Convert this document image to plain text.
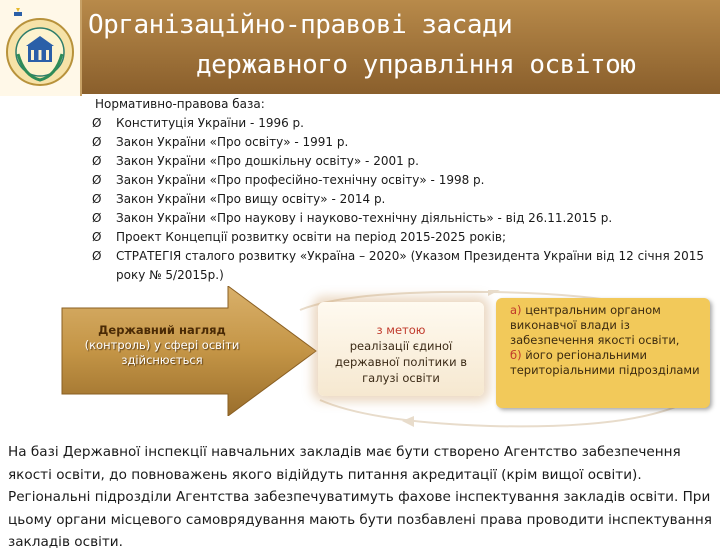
Організаційно-правові засади
державного управління освітою
Нормативно-правова база:
Ø Конституція України - 1996 р.
Ø Закон України «Про освіту» - 1991 р.
Ø Закон України «Про дошкільну освіту» - 2001 р.
Ø Закон України «Про професійно-технічну освіту» - 1998 р.
Ø Закон України «Про вищу освіту» - 2014 р.
Ø Закон України «Про наукову і науково-технічну діяльність» - від 26.11.2015 р.
Ø Проект Концепції розвитку освіти на період 2015-2025 років;
Ø СТРАТЕГІЯ сталого розвитку «Україна – 2020» (Указом Президента України від 12 січня 2015 року № 5/2015р.)
Державний нагляд
(контроль) у сфері освіти
здійснюється
з метою
реалізації єдиної
державної політики в
галузі освіти
а) центральним органом виконавчої влади із забезпечення якості освіти,
б) його регіональними територіальними підрозділами
На базі Державної інспекції навчальних закладів має бути створено Агентство забезпечення якості освіти, до повноважень якого відійдуть питання акредитації (крім вищої освіти). Регіональні підрозділи Агентства забезпечуватимуть фахове інспектування закладів освіти. При цьому органи місцевого самоврядування мають бути позбавлені права проводити інспектування закладів освіти.
